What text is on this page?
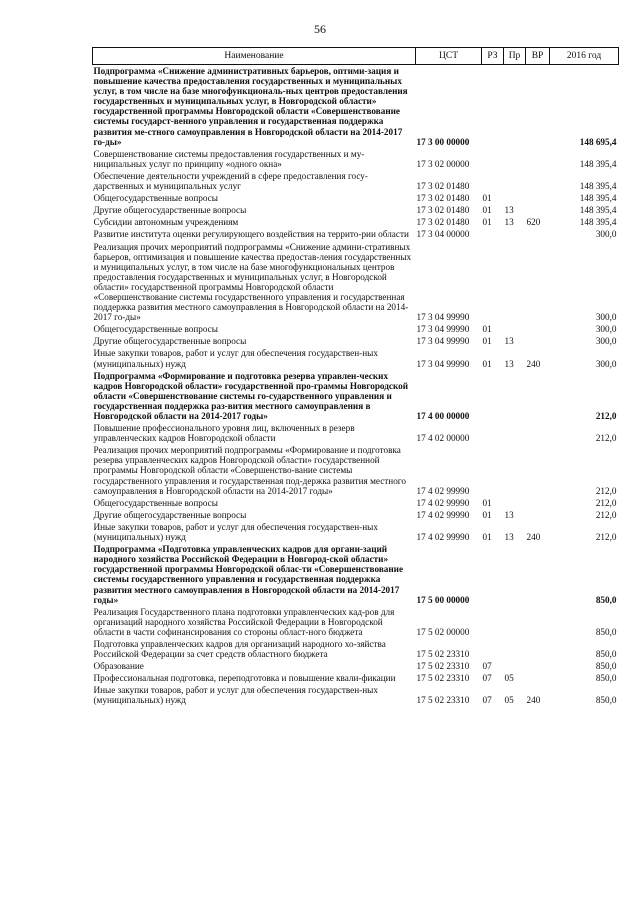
56
Наименование	ЦСТ	РЗ	Пр	ВР	2016 год
Подпрограмма «Снижение административных барьеров, оптими-зация и повышение качества предоставления государственных и муниципальных услуг, в том числе на базе многофункциональ-ных центров предоставления государственных и муниципальных услуг, в Новгородской области» государственной программы Новгородской области «Совершенствование системы государст-венного управления и государственная поддержка развития ме-стного самоуправления в Новгородской области на 2014-2017 го-ды»	17 3 00 00000				148 695,4
Совершенствование системы предоставления государственных и му-ниципальных услуг по принципу «одного окна»	17 3 02 00000				148 395,4
Обеспечение деятельности учреждений в сфере предоставления госу-дарственных и муниципальных услуг	17 3 02 01480				148 395,4
Общегосударственные вопросы	17 3 02 01480	01			148 395,4
Другие общегосударственные вопросы	17 3 02 01480	01	13		148 395,4
Субсидии автономным учреждениям	17 3 02 01480	01	13	620	148 395,4
Развитие института оценки регулирующего воздействия на террито-рии области	17 3 04 00000				300,0
Реализация прочих мероприятий подпрограммы «Снижение админи-стративных барьеров, оптимизация и повышение качества предостав-ления государственных и муниципальных услуг, в том числе на базе многофункциональных центров предоставления государственных и муниципальных услуг, в Новгородской области» государственной программы Новгородской области «Совершенствование системы государственного управления и государственная поддержка развития местного самоуправления в Новгородской области на 2014-2017 го-ды»	17 3 04 99990				300,0
Общегосударственные вопросы	17 3 04 99990	01			300,0
Другие общегосударственные вопросы	17 3 04 99990	01	13		300,0
Иные закупки товаров, работ и услуг для обеспечения государствен-ных (муниципальных) нужд	17 3 04 99990	01	13	240	300,0
Подпрограмма «Формирование и подготовка резерва управлен-ческих кадров Новгородской области» государственной про-граммы Новгородской области «Совершенствование системы го-сударственного управления и государственная поддержка раз-вития местного самоуправления в Новгородской области на 2014-2017 годы»	17 4 00 00000				212,0
Повышение профессионального уровня лиц, включенных в резерв управленческих кадров Новгородской области	17 4 02 00000				212,0
Реализация прочих мероприятий подпрограммы «Формирование и подготовка резерва управленческих кадров Новгородской области» государственной программы Новгородской области «Совершенство-вание системы государственного управления и государственная под-держка развития местного самоуправления в Новгородской области на 2014-2017 годы»	17 4 02 99990				212,0
Общегосударственные вопросы	17 4 02 99990	01			212,0
Другие общегосударственные вопросы	17 4 02 99990	01	13		212,0
Иные закупки товаров, работ и услуг для обеспечения государствен-ных (муниципальных) нужд	17 4 02 99990	01	13	240	212,0
Подпрограмма «Подготовка управленческих кадров для органи-заций народного хозяйства Российской Федерации в Новгород-ской области» государственной программы Новгородской облас-ти «Совершенствование системы государственного управления и государственная поддержка развития местного самоуправления в Новгородской области на 2014-2017 годы»	17 5 00 00000				850,0
Реализация Государственного плана подготовки управленческих кад-ров для организаций народного хозяйства Российской Федерации в Новгородской области в части софинансирования со стороны област-ного бюджета	17 5 02 00000				850,0
Подготовка управленческих кадров для организаций народного хо-зяйства Российской Федерации за счет средств областного бюджета	17 5 02 23310				850,0
Образование	17 5 02 23310	07			850,0
Профессиональная подготовка, переподготовка и повышение квали-фикации	17 5 02 23310	07	05		850,0
Иные закупки товаров, работ и услуг для обеспечения государствен-ных (муниципальных) нужд	17 5 02 23310	07	05	240	850,0
